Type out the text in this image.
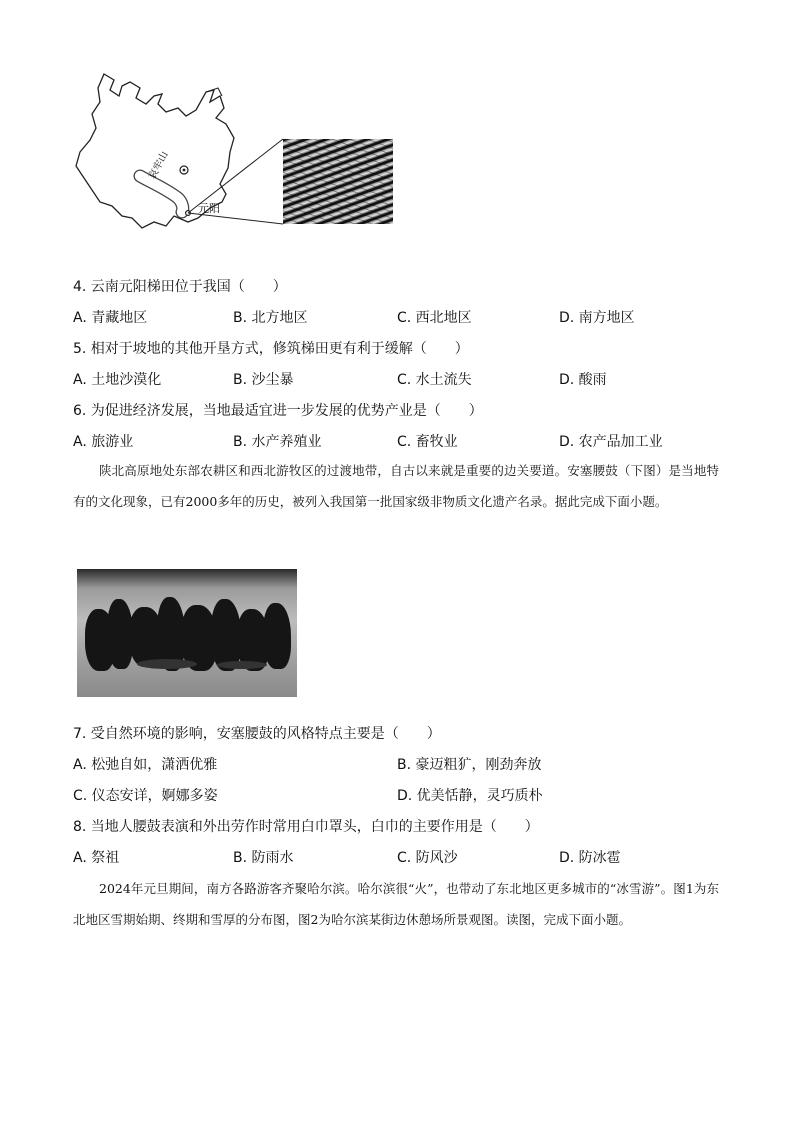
哀牢山
元阳
4. 云南元阳梯田位于我国（　　）
A. 青藏地区	B. 北方地区	C. 西北地区	D. 南方地区
5. 相对于坡地的其他开垦方式，修筑梯田更有利于缓解（　　）
A. 土地沙漠化	B. 沙尘暴	C. 水土流失	D. 酸雨
6. 为促进经济发展，当地最适宜进一步发展的优势产业是（　　）
A. 旅游业	B. 水产养殖业	C. 畜牧业	D. 农产品加工业
陕北高原地处东部农耕区和西北游牧区的过渡地带，自古以来就是重要的边关要道。安塞腰鼓（下图）是当地特有的文化现象，已有2000多年的历史，被列入我国第一批国家级非物质文化遗产名录。据此完成下面小题。
7. 受自然环境的影响，安塞腰鼓的风格特点主要是（　　）
A. 松弛自如，潇洒优雅	B. 豪迈粗犷，刚劲奔放
C. 仪态安详，婀娜多姿	D. 优美恬静，灵巧质朴
8. 当地人腰鼓表演和外出劳作时常用白巾罩头，白巾的主要作用是（　　）
A. 祭祖	B. 防雨水	C. 防风沙	D. 防冰雹
2024年元旦期间，南方各路游客齐聚哈尔滨。哈尔滨很“火”，也带动了东北地区更多城市的“冰雪游”。图1为东北地区雪期始期、终期和雪厚的分布图，图2为哈尔滨某街边休憩场所景观图。读图，完成下面小题。
